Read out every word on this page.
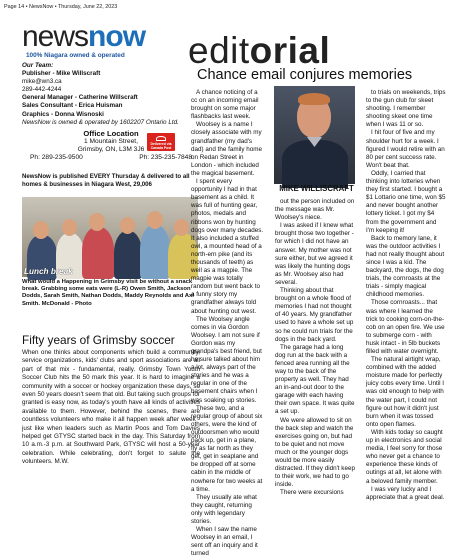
Page 14 • NewsNow • Thursday, June 22, 2023
newsnow
100% Niagara owned & operated
Our Team:
Publisher - Mike Willscraft
mike@wn3.ca
289-442-4244
General Manager - Catherine Willscraft
Sales Consultant - Erica Huisman
Graphics - Donna Wisnoski
NewsNow is owned & operated by 1602207 Ontario Ltd.
Office Location
1 Mountain Street,
Grimsby, ON, L3M 3J6
Ph: 289-235-9500	Ph: 235-235-7848
Delivered via Canada Post
NewsNow is published EVERY Thursday & delivered to all homes & businesses in Niagara West, 29,006
Lunch break
What would a Happening in Grimsby visit be without a snack break. Grabbing some eats were (L-R) Owen Smith, Jackson Dodds, Sarah Smith, Nathan Dodds, Maddy Reynolds and Axl Smith. McDonald - Photo
Fifty years of Grimsby soccer
When one thinks about components which build a community, service organizations, kids' clubs and sport associations are all part of that mix - fundamental, really. Grimsby Town Youth Soccer Club hits the 50 mark this year. It is hard to imagine a community with a soccer or hockey organization these days, so even 50 years doesn't seem that old. But taking such groups for granted is easy now, as today's youth have all kinds of activities available to them. However, behind the scenes, there are countless volunteers who make it all happen week after week - just like when leaders such as Martin Poos and Tom Davies helped get GTYSC started back in the day. This Saturday from 10 a.m.-3 p.m. at Southward Park, GTYSC will host a 50-year celebration. While celebrating, don't forget to salute the volunteers. M.W.
editorial
Chance email conjures memories

A chance noticing of a cc on an incoming email brought on some major flashbacks last week.

Woolsey is a name I closely associate with my grandfather (my dad's dad) and the family home on Redan Street in London - which included the magical basement.

I spent every opportunity I had in that basement as a child. It was full of hunting gear, photos, medals and ribbons won by hunting dogs over many decades. It also included a stuffed owl, a mounted head of a north-ern pike (and its thousands of teeth) as well as a magpie. The magpie was totally random but went back to a funny story my grandfather always told about hunting out west.

The Woolsey angle comes in via Gordon Woolsey. I am not sure if Gordon was my grandpa's best friend, but he sure talked about him a lot, always part of the stories and he was a regular in one of the basement chairs when I was soaking up stories.

These two, and a regular group of about six others, were the kind of outdoorsmen who would pack up, get in a plane, fly as far north as they get, get in seaplane and be dropped off at some cabin in the middle of nowhere for two weeks at a time.

They usually ate what they caught, returning only with legendary stories.

When I saw the name Woolsey in an email, I sent off an inquiry and it turned

MIKE WILLISCRAFT

out the person included on the message was Mr. Woolsey's niece.

I was asked if I knew what brought those two together - for which I did not have an answer. My mother was not sure either, but we agreed it was likely the hunting dogs as Mr. Woolsey also had several.

Thinking about that brought on a whole flood of memories I had not thought of 40 years. My grandfather used to have a whole set up so he could run trials for the dogs in the back yard.

The garage had a long dog run at the back with a fenced area running all the way to the back of the property as well. They had an in-and-out door to the garage with each having their own space. It was quite a set up.

We were allowed to sit on the back step and watch the exercises going on, but had to be quiet and not move much or the younger dogs would be more easily distracted. If they didn't keep to their work, we had to go inside.

There were excursions

to trials on weekends, trips to the gun club for skeet shooting. I remember shooting skeet one time when I was 11 or so.

I hit four of five and my shoulder hurt for a week. I figured I would retire with an 80 per cent success rate. Won't beat that.

Oddly, I carried that thinking into lotteries when they first started. I bought a $1 Lottario one time, won $5 and never bought another lottery ticket. I got my $4 from the government and I'm keeping it!

Back to memory lane, it was the outdoor activities I had not really thought about since I was a kid. The backyard, the dogs, the dog trials, the cornroasts at the trials - simply magical childhood memories.

Those cornroasts... that was where I learned the trick to cooking corn-on-the-cob on an open fire. We use to submerge corn - with husk intact - in 5lb buckets filled with water overnight.

The natural airtight wrap, combined with the added moisture made for perfectly juicy cobs every time. Until I was old enough to help with the water part, I could not figure out how it didn't just burn when it was tossed onto open flames.

With kids today so caught up in electronics and social media, I feel sorry for those who never get a chance to experience these kinds of outings at all, let alone with a beloved family member.

I was very lucky and I appreciate that a great deal.
